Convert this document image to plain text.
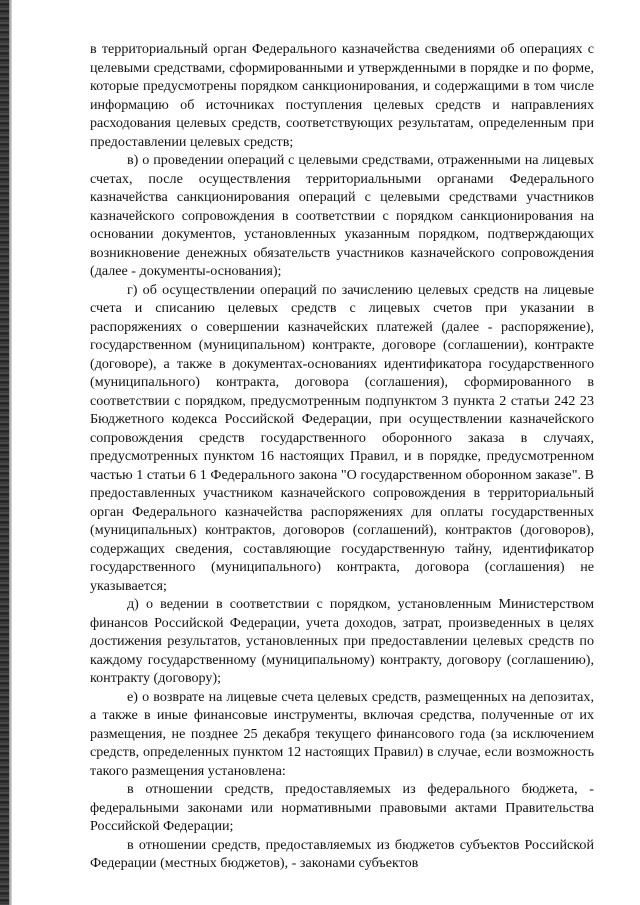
в территориальный орган Федерального казначейства сведениями об операциях с целевыми средствами, сформированными и утвержденными в порядке и по форме, которые предусмотрены порядком санкционирования, и содержащими в том числе информацию об источниках поступления целевых средств и направлениях расходования целевых средств, соответствующих результатам, определенным при предоставлении целевых средств;

в) о проведении операций с целевыми средствами, отраженными на лицевых счетах, после осуществления территориальными органами Федерального казначейства санкционирования операций с целевыми средствами участников казначейского сопровождения в соответствии с порядком санкционирования на основании документов, установленных указанным порядком, подтверждающих возникновение денежных обязательств участников казначейского сопровождения (далее - документы-основания);

г) об осуществлении операций по зачислению целевых средств на лицевые счета и списанию целевых средств с лицевых счетов при указании в распоряжениях о совершении казначейских платежей (далее - распоряжение), государственном (муниципальном) контракте, договоре (соглашении), контракте (договоре), а также в документах-основаниях идентификатора государственного (муниципального) контракта, договора (соглашения), сформированного в соответствии с порядком, предусмотренным подпунктом 3 пункта 2 статьи 242 23 Бюджетного кодекса Российской Федерации, при осуществлении казначейского сопровождения средств государственного оборонного заказа в случаях, предусмотренных пунктом 16 настоящих Правил, и в порядке, предусмотренном частью 1 статьи 6 1 Федерального закона "О государственном оборонном заказе". В предоставленных участником казначейского сопровождения в территориальный орган Федерального казначейства распоряжениях для оплаты государственных (муниципальных) контрактов, договоров (соглашений), контрактов (договоров), содержащих сведения, составляющие государственную тайну, идентификатор государственного (муниципального) контракта, договора (соглашения) не указывается;

д) о ведении в соответствии с порядком, установленным Министерством финансов Российской Федерации, учета доходов, затрат, произведенных в целях достижения результатов, установленных при предоставлении целевых средств по каждому государственному (муниципальному) контракту, договору (соглашению), контракту (договору);

е) о возврате на лицевые счета целевых средств, размещенных на депозитах, а также в иные финансовые инструменты, включая средства, полученные от их размещения, не позднее 25 декабря текущего финансового года (за исключением средств, определенных пунктом 12 настоящих Правил) в случае, если возможность такого размещения установлена:

в отношении средств, предоставляемых из федерального бюджета, - федеральными законами или нормативными правовыми актами Правительства Российской Федерации;

в отношении средств, предоставляемых из бюджетов субъектов Российской Федерации (местных бюджетов), - законами субъектов
